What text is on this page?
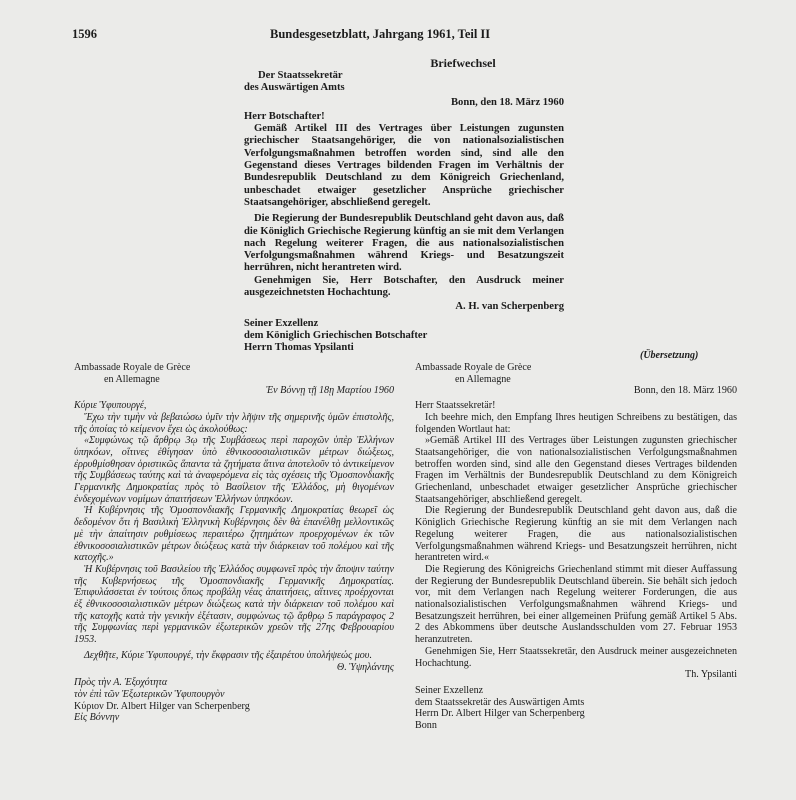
1596	Bundesgesetzblatt, Jahrgang 1961, Teil II
Briefwechsel

Der Staatssekretär

des Auswärtigen Amts

Bonn, den 18. März 1960

Herr Botschafter!

Gemäß Artikel III des Vertrages über Leistungen zugunsten griechischer Staatsangehöriger, die von nationalsozialistischen Verfolgungsmaßnahmen betroffen worden sind, sind alle den Gegenstand dieses Vertrages bildenden Fragen im Verhältnis der Bundesrepublik Deutschland zu dem Königreich Griechenland, unbeschadet etwaiger gesetzlicher Ansprüche griechischer Staatsangehöriger, abschließend geregelt.

Die Regierung der Bundesrepublik Deutschland geht davon aus, daß die Königlich Griechische Regierung künftig an sie mit dem Verlangen nach Regelung weiterer Fragen, die aus nationalsozialistischen Verfolgungsmaßnahmen während Kriegs- und Besatzungszeit herrühren, nicht herantreten wird.

Genehmigen Sie, Herr Botschafter, den Ausdruck meiner ausgezeichnetsten Hochachtung.

A. H. van Scherpenberg

Seiner Exzellenz

dem Königlich Griechischen Botschafter

Herrn Thomas Ypsilanti

(Übersetzung)

Ambassade Royale de Grèce

en Allemagne

Ἐν Βόννῃ τῇ 18ῃ Μαρτίου 1960

Κύριε Ὑφυπουργέ,

Ἔχω τὴν τιμὴν νὰ βεβαιώσω ὑμῖν τὴν λῆψιν τῆς σημερινῆς ὑμῶν ἐπιστολῆς, τῆς ὁποίας τὸ κείμενον ἔχει ὡς ἀκολούθως:

«Συμφώνως τῷ ἄρθρῳ 3ῳ τῆς Συμβάσεως περὶ παροχῶν ὑπὲρ Ἑλλήνων ὑπηκόων, οἵτινες ἐθίγησαν ὑπὸ ἐθνικοσοσιαλιστικῶν μέτρων διώξεως, ἐρρυθμίσθησαν ὁριστικῶς ἅπαντα τὰ ζητήματα ἅτινα ἀποτελοῦν τὸ ἀντικείμενον τῆς Συμβάσεως ταύτης καὶ τὰ ἀναφερόμενα εἰς τὰς σχέσεις τῆς Ὁμοσπονδιακῆς Γερμανικῆς Δημοκρατίας πρὸς τὸ Βασίλειον τῆς Ἑλλάδος, μὴ θιγομένων ἐνδεχομένων νομίμων ἀπαιτήσεων Ἑλλήνων ὑπηκόων.

Ἡ Κυβέρνησις τῆς Ὁμοσπονδιακῆς Γερμανικῆς Δημοκρατίας θεωρεῖ ὡς δεδομένον ὅτι ἡ Βασιλικὴ Ἑλληνικὴ Κυβέρνησις δὲν θὰ ἐπανέλθῃ μελλοντικῶς μὲ τὴν ἀπαίτησιν ρυθμίσεως περαιτέρω ζητημάτων προερχομένων ἐκ τῶν ἐθνικοσοσιαλιστικῶν μέτρων διώξεως κατὰ τὴν διάρκειαν τοῦ πολέμου καὶ τῆς κατοχῆς.»

Ἡ Κυβέρνησις τοῦ Βασιλείου τῆς Ἑλλάδος συμφωνεῖ πρὸς τὴν ἄποψιν ταύτην τῆς Κυβερνήσεως τῆς Ὁμοσπονδιακῆς Γερμανικῆς Δημοκρατίας. Ἐπιφυλάσσεται ἐν τούτοις ὅπως προβάλῃ νέας ἀπαιτήσεις, αἵτινες προέρχονται ἐξ ἐθνικοσοσιαλιστικῶν μέτρων διώξεως κατὰ τὴν διάρκειαν τοῦ πολέμου καὶ τῆς κατοχῆς κατὰ τὴν γενικὴν ἐξέτασιν, συμφώνως τῷ ἄρθρῳ 5 παράγραφος 2 τῆς Συμφωνίας περὶ γερμανικῶν ἐξωτερικῶν χρεῶν τῆς 27ης Φεβρουαρίου 1953.

Δεχθῆτε, Κύριε Ὑφυπουργέ, τὴν ἔκφρασιν τῆς ἐξαιρέτου ὑπολήψεώς μου.

Θ. Ὑψηλάντης

Πρὸς τὴν Α. Ἐξοχότητα

τὸν ἐπὶ τῶν Ἐξωτερικῶν Ὑφυπουργὸν

Κύριον Dr. Albert Hilger van Scherpenberg

Εἰς Βόννην

Ambassade Royale de Grèce

en Allemagne

Bonn, den 18. März 1960

Herr Staatssekretär!

Ich beehre mich, den Empfang Ihres heutigen Schreibens zu bestätigen, das folgenden Wortlaut hat:

»Gemäß Artikel III des Vertrages über Leistungen zugunsten griechischer Staatsangehöriger, die von nationalsozialistischen Verfolgungsmaßnahmen betroffen worden sind, sind alle den Gegenstand dieses Vertrages bildenden Fragen im Verhältnis der Bundesrepublik Deutschland zu dem Königreich Griechenland, unbeschadet etwaiger gesetzlicher Ansprüche griechischer Staatsangehöriger, abschließend geregelt.

Die Regierung der Bundesrepublik Deutschland geht davon aus, daß die Königlich Griechische Regierung künftig an sie mit dem Verlangen nach Regelung weiterer Fragen, die aus nationalsozialistischen Verfolgungsmaßnahmen während Kriegs- und Besatzungszeit herrühren, nicht herantreten wird.«

Die Regierung des Königreichs Griechenland stimmt mit dieser Auffassung der Regierung der Bundesrepublik Deutschland überein. Sie behält sich jedoch vor, mit dem Verlangen nach Regelung weiterer Forderungen, die aus nationalsozialistischen Verfolgungsmaßnahmen während Kriegs- und Besatzungszeit herrühren, bei einer allgemeinen Prüfung gemäß Artikel 5 Abs. 2 des Abkommens über deutsche Auslandsschulden vom 27. Februar 1953 heranzutreten.

Genehmigen Sie, Herr Staatssekretär, den Ausdruck meiner ausgezeichneten Hochachtung.

Th. Ypsilanti

Seiner Exzellenz

dem Staatssekretär des Auswärtigen Amts

Herrn Dr. Albert Hilger van Scherpenberg

Bonn
